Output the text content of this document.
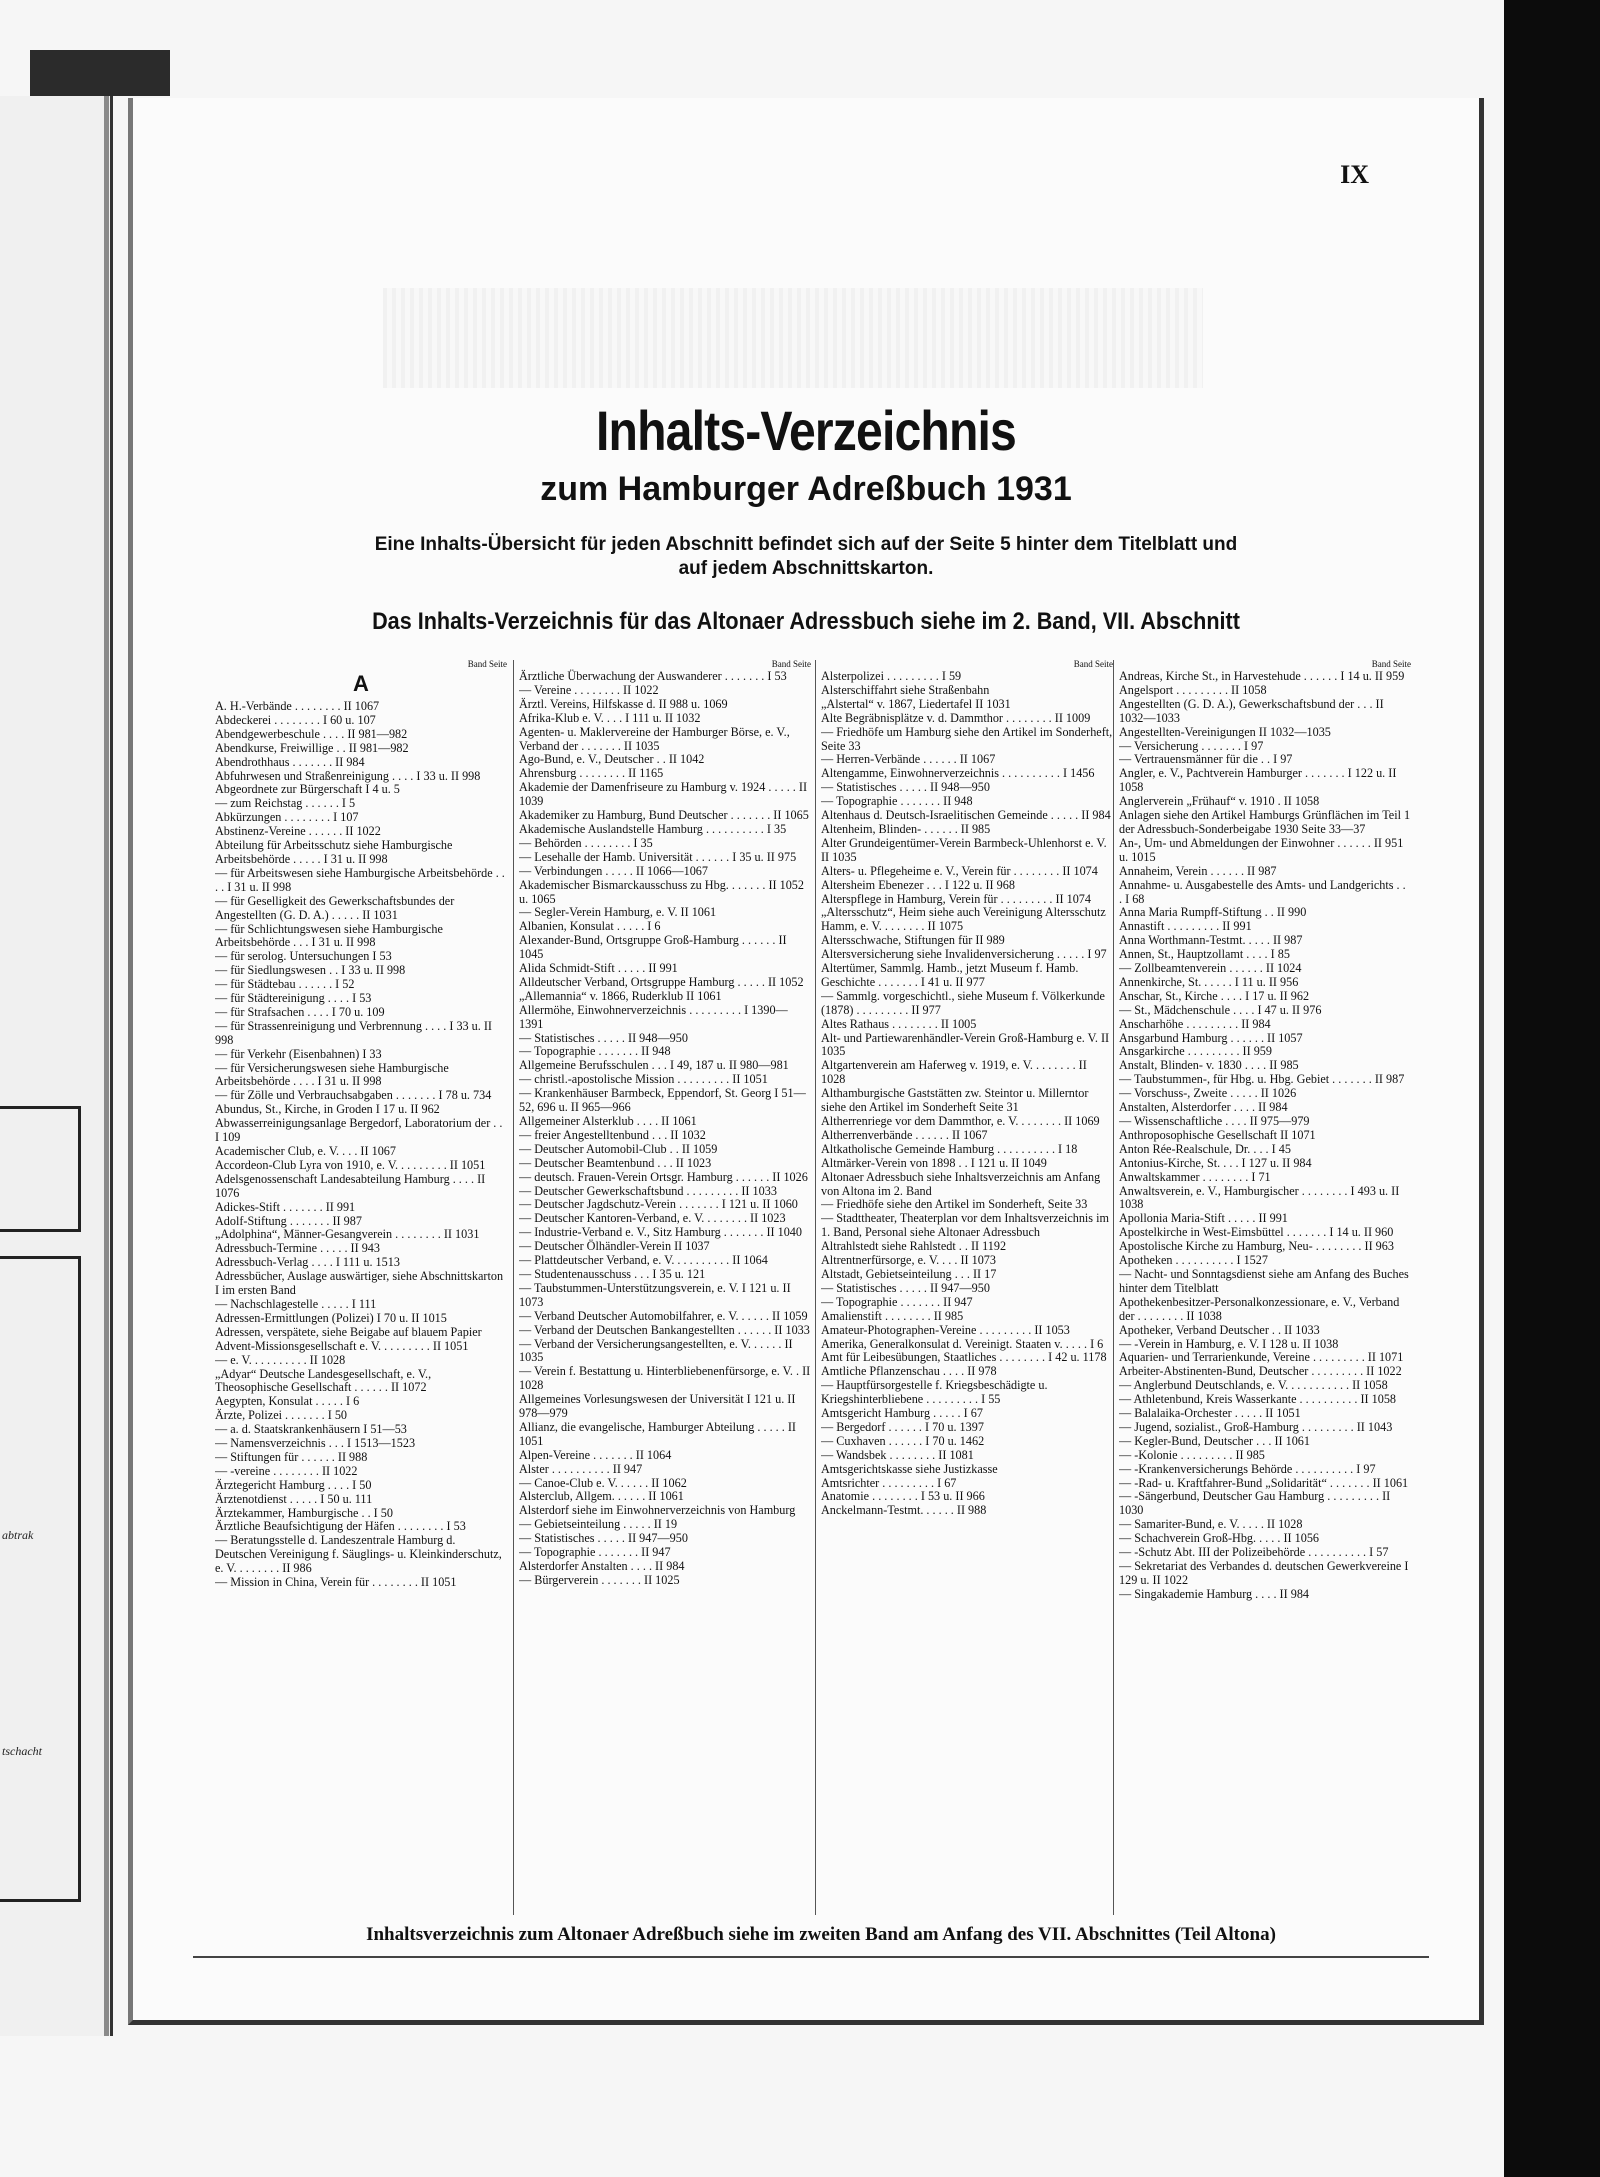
abtrak
tschacht
IX
Inhalts-Verzeichnis
zum Hamburger Adreßbuch 1931
Eine Inhalts-Übersicht für jeden Abschnitt befindet sich auf der Seite 5 hinter dem Titelblatt und
auf jedem Abschnittskarton.
Das Inhalts-Verzeichnis für das Altonaer Adressbuch siehe im 2. Band, VII. Abschnitt
Band Seite
A
A. H.-Verbände . . . . . . . . II 1067
Abdeckerei . . . . . . . . I 60 u. 107
Abendgewerbeschule . . . . II 981—982
Abendkurse, Freiwillige . . II 981—982
Abendrothhaus . . . . . . . II 984
Abfuhrwesen und Straßenreinigung . . . . I 33 u. II 998
Abgeordnete zur Bürgerschaft I 4 u. 5
— zum Reichstag . . . . . . I 5
Abkürzungen . . . . . . . . I 107
Abstinenz-Vereine . . . . . . II 1022
Abteilung für Arbeitsschutz siehe Hamburgische Arbeitsbehörde . . . . . I 31 u. II 998
— für Arbeitswesen siehe Hamburgische Arbeitsbehörde . . . . I 31 u. II 998
— für Geselligkeit des Gewerkschaftsbundes der Angestellten (G. D. A.) . . . . . II 1031
— für Schlichtungswesen siehe Hamburgische Arbeitsbehörde . . . I 31 u. II 998
— für serolog. Untersuchungen I 53
— für Siedlungswesen . . I 33 u. II 998
— für Städtebau . . . . . . I 52
— für Städtereinigung . . . . I 53
— für Strafsachen . . . . I 70 u. 109
— für Strassenreinigung und Verbrennung . . . . I 33 u. II 998
— für Verkehr (Eisenbahnen) I 33
— für Versicherungswesen siehe Hamburgische Arbeitsbehörde . . . . I 31 u. II 998
— für Zölle und Verbrauchsabgaben . . . . . . . I 78 u. 734
Abundus, St., Kirche, in Groden I 17 u. II 962
Abwasserreinigungsanlage Bergedorf, Laboratorium der . . I 109
Academischer Club, e. V. . . . II 1067
Accordeon-Club Lyra von 1910, e. V. . . . . . . . . II 1051
Adelsgenossenschaft Landesabteilung Hamburg . . . . II 1076
Adickes-Stift . . . . . . . II 991
Adolf-Stiftung . . . . . . . II 987
„Adolphina“, Männer-Gesangverein . . . . . . . . II 1031
Adressbuch-Termine . . . . . II 943
Adressbuch-Verlag . . . . I 111 u. 1513
Adressbücher, Auslage auswärtiger, siehe Abschnittskarton I im ersten Band
— Nachschlagestelle . . . . . I 111
Adressen-Ermittlungen (Polizei) I 70 u. II 1015
Adressen, verspätete, siehe Beigabe auf blauem Papier
Advent-Missionsgesellschaft e. V. . . . . . . . . II 1051
— e. V. . . . . . . . . . II 1028
„Adyar“ Deutsche Landesgesellschaft, e. V., Theosophische Gesellschaft . . . . . . II 1072
Aegypten, Konsulat . . . . . I 6
Ärzte, Polizei . . . . . . . I 50
— a. d. Staatskrankenhäusern I 51—53
— Namensverzeichnis . . . I 1513—1523
— Stiftungen für . . . . . . II 988
— -vereine . . . . . . . . II 1022
Ärztegericht Hamburg . . . . I 50
Ärztenotdienst . . . . . I 50 u. 111
Ärztekammer, Hamburgische . . I 50
Ärztliche Beaufsichtigung der Häfen . . . . . . . . I 53
— Beratungsstelle d. Landeszentrale Hamburg d. Deutschen Vereinigung f. Säuglings- u. Kleinkinderschutz, e. V. . . . . . . . II 986
— Mission in China, Verein für . . . . . . . . II 1051
Band Seite
Ärztliche Überwachung der Auswanderer . . . . . . . I 53
— Vereine . . . . . . . . II 1022
Ärztl. Vereins, Hilfskasse d. II 988 u. 1069
Afrika-Klub e. V. . . . I 111 u. II 1032
Agenten- u. Maklervereine der Hamburger Börse, e. V., Verband der . . . . . . . II 1035
Ago-Bund, e. V., Deutscher . . II 1042
Ahrensburg . . . . . . . . II 1165
Akademie der Damenfriseure zu Hamburg v. 1924 . . . . . II 1039
Akademiker zu Hamburg, Bund Deutscher . . . . . . . II 1065
Akademische Auslandstelle Hamburg . . . . . . . . . . I 35
— Behörden . . . . . . . . I 35
— Lesehalle der Hamb. Universität . . . . . . I 35 u. II 975
— Verbindungen . . . . . II 1066—1067
Akademischer Bismarckausschuss zu Hbg. . . . . . . II 1052 u. 1065
— Segler-Verein Hamburg, e. V. II 1061
Albanien, Konsulat . . . . . I 6
Alexander-Bund, Ortsgruppe Groß-Hamburg . . . . . . II 1045
Alida Schmidt-Stift . . . . . II 991
Alldeutscher Verband, Ortsgruppe Hamburg . . . . . II 1052
„Allemannia“ v. 1866, Ruderklub II 1061
Allermöhe, Einwohnerverzeichnis . . . . . . . . . I 1390—1391
— Statistisches . . . . . II 948—950
— Topographie . . . . . . . II 948
Allgemeine Berufsschulen . . . I 49, 187 u. II 980—981
— christl.-apostolische Mission . . . . . . . . . II 1051
— Krankenhäuser Barmbeck, Eppendorf, St. Georg I 51—52, 696 u. II 965—966
Allgemeiner Alsterklub . . . . II 1061
— freier Angestelltenbund . . . II 1032
— Deutscher Automobil-Club . . II 1059
— Deutscher Beamtenbund . . . II 1023
— deutsch. Frauen-Verein Ortsgr. Hamburg . . . . . . II 1026
— Deutscher Gewerkschaftsbund . . . . . . . . . II 1033
— Deutscher Jagdschutz-Verein . . . . . . . I 121 u. II 1060
— Deutscher Kantoren-Verband, e. V. . . . . . . . II 1023
— Industrie-Verband e. V., Sitz Hamburg . . . . . . . II 1040
— Deutscher Ölhändler-Verein II 1037
— Plattdeutscher Verband, e. V. . . . . . . . . . II 1064
— Studentenausschuss . . . I 35 u. 121
— Taubstummen-Unterstützungsverein, e. V. I 121 u. II 1073
— Verband Deutscher Automobilfahrer, e. V. . . . . . II 1059
— Verband der Deutschen Bankangestellten . . . . . . II 1033
— Verband der Versicherungsangestellten, e. V. . . . . . II 1035
— Verein f. Bestattung u. Hinterbliebenenfürsorge, e. V. . II 1028
Allgemeines Vorlesungswesen der Universität I 121 u. II 978—979
Allianz, die evangelische, Hamburger Abteilung . . . . . II 1051
Alpen-Vereine . . . . . . . II 1064
Alster . . . . . . . . . . II 947
— Canoe-Club e. V. . . . . . II 1062
Alsterclub, Allgem. . . . . . II 1061
Alsterdorf siehe im Einwohnerverzeichnis von Hamburg
— Gebietseinteilung . . . . . II 19
— Statistisches . . . . . II 947—950
— Topographie . . . . . . . II 947
Alsterdorfer Anstalten . . . . II 984
— Bürgerverein . . . . . . . II 1025
Band Seite
Alsterpolizei . . . . . . . . . I 59
Alsterschiffahrt siehe Straßenbahn
„Alstertal“ v. 1867, Liedertafel II 1031
Alte Begräbnisplätze v. d. Dammthor . . . . . . . . II 1009
— Friedhöfe um Hamburg siehe den Artikel im Sonderheft, Seite 33
— Herren-Verbände . . . . . . II 1067
Altengamme, Einwohnerverzeichnis . . . . . . . . . . I 1456
— Statistisches . . . . . II 948—950
— Topographie . . . . . . . II 948
Altenhaus d. Deutsch-Israelitischen Gemeinde . . . . . II 984
Altenheim, Blinden- . . . . . . II 985
Alter Grundeigentümer-Verein Barmbeck-Uhlenhorst e. V. II 1035
Alters- u. Pflegeheime e. V., Verein für . . . . . . . . II 1074
Altersheim Ebenezer . . . I 122 u. II 968
Alterspflege in Hamburg, Verein für . . . . . . . . . II 1074
„Altersschutz“, Heim siehe auch Vereinigung Altersschutz Hamm, e. V. . . . . . . . II 1075
Altersschwache, Stiftungen für II 989
Altersversicherung siehe Invalidenversicherung . . . . . I 97
Altertümer, Sammlg. Hamb., jetzt Museum f. Hamb. Geschichte . . . . . . . I 41 u. II 977
— Sammlg. vorgeschichtl., siehe Museum f. Völkerkunde (1878) . . . . . . . . . II 977
Altes Rathaus . . . . . . . . II 1005
Alt- und Partiewarenhändler-Verein Groß-Hamburg e. V. II 1035
Altgartenverein am Haferweg v. 1919, e. V. . . . . . . . II 1028
Althamburgische Gaststätten zw. Steintor u. Millerntor siehe den Artikel im Sonderheft Seite 31
Altherrenriege vor dem Dammthor, e. V. . . . . . . . II 1069
Altherrenverbände . . . . . . II 1067
Altkatholische Gemeinde Hamburg . . . . . . . . . . I 18
Altmärker-Verein von 1898 . . I 121 u. II 1049
Altonaer Adressbuch siehe Inhaltsverzeichnis am Anfang von Altona im 2. Band
— Friedhöfe siehe den Artikel im Sonderheft, Seite 33
— Stadttheater, Theaterplan vor dem Inhaltsverzeichnis im 1. Band, Personal siehe Altonaer Adressbuch
Altrahlstedt siehe Rahlstedt . . II 1192
Altrentnerfürsorge, e. V. . . . II 1073
Altstadt, Gebietseinteilung . . . II 17
— Statistisches . . . . . II 947—950
— Topographie . . . . . . . II 947
Amalienstift . . . . . . . . II 985
Amateur-Photographen-Vereine . . . . . . . . . II 1053
Amerika, Generalkonsulat d. Vereinigt. Staaten v. . . . . I 6
Amt für Leibesübungen, Staatliches . . . . . . . . I 42 u. 1178
Amtliche Pflanzenschau . . . . II 978
— Hauptfürsorgestelle f. Kriegsbeschädigte u. Kriegshinterbliebene . . . . . . . . . I 55
Amtsgericht Hamburg . . . . . I 67
— Bergedorf . . . . . . I 70 u. 1397
— Cuxhaven . . . . . . I 70 u. 1462
— Wandsbek . . . . . . . . II 1081
Amtsgerichtskasse siehe Justizkasse
Amtsrichter . . . . . . . . . I 67
Anatomie . . . . . . . . I 53 u. II 966
Anckelmann-Testmt. . . . . . II 988
Band Seite
Andreas, Kirche St., in Harvestehude . . . . . . I 14 u. II 959
Angelsport . . . . . . . . . II 1058
Angestellten (G. D. A.), Gewerkschaftsbund der . . . II 1032—1033
Angestellten-Vereinigungen II 1032—1035
— Versicherung . . . . . . . I 97
— Vertrauensmänner für die . . I 97
Angler, e. V., Pachtverein Hamburger . . . . . . . I 122 u. II 1058
Anglerverein „Frühauf“ v. 1910 . II 1058
Anlagen siehe den Artikel Hamburgs Grünflächen im Teil 1 der Adressbuch-Sonderbeigabe 1930 Seite 33—37
An-, Um- und Abmeldungen der Einwohner . . . . . . II 951 u. 1015
Annaheim, Verein . . . . . . II 987
Annahme- u. Ausgabestelle des Amts- und Landgerichts . . . I 68
Anna Maria Rumpff-Stiftung . . II 990
Annastift . . . . . . . . . II 991
Anna Worthmann-Testmt. . . . . II 987
Annen, St., Hauptzollamt . . . . I 85
— Zollbeamtenverein . . . . . . II 1024
Annenkirche, St. . . . . . I 11 u. II 956
Anschar, St., Kirche . . . . I 17 u. II 962
— St., Mädchenschule . . . . I 47 u. II 976
Anscharhöhe . . . . . . . . . II 984
Ansgarbund Hamburg . . . . . . II 1057
Ansgarkirche . . . . . . . . . II 959
Anstalt, Blinden- v. 1830 . . . . II 985
— Taubstummen-, für Hbg. u. Hbg. Gebiet . . . . . . . II 987
— Vorschuss-, Zweite . . . . . II 1026
Anstalten, Alsterdorfer . . . . II 984
— Wissenschaftliche . . . . II 975—979
Anthroposophische Gesellschaft II 1071
Anton Rée-Realschule, Dr. . . . I 45
Antonius-Kirche, St. . . . I 127 u. II 984
Anwaltskammer . . . . . . . . I 71
Anwaltsverein, e. V., Hamburgischer . . . . . . . . I 493 u. II 1038
Apollonia Maria-Stift . . . . . II 991
Apostelkirche in West-Eimsbüttel . . . . . . . I 14 u. II 960
Apostolische Kirche zu Hamburg, Neu- . . . . . . . . II 963
Apotheken . . . . . . . . . . I 1527
— Nacht- und Sonntagsdienst siehe am Anfang des Buches hinter dem Titelblatt
Apothekenbesitzer-Personalkonzessionare, e. V., Verband der . . . . . . . . II 1038
Apotheker, Verband Deutscher . . II 1033
— -Verein in Hamburg, e. V. I 128 u. II 1038
Aquarien- und Terrarienkunde, Vereine . . . . . . . . . II 1071
Arbeiter-Abstinenten-Bund, Deutscher . . . . . . . . . II 1022
— Anglerbund Deutschlands, e. V. . . . . . . . . . . II 1058
— Athletenbund, Kreis Wasserkante . . . . . . . . . . II 1058
— Balalaika-Orchester . . . . . II 1051
— Jugend, sozialist., Groß-Hamburg . . . . . . . . . II 1043
— Kegler-Bund, Deutscher . . . II 1061
— -Kolonie . . . . . . . . . II 985
— -Krankenversicherungs Behörde . . . . . . . . . . I 97
— -Rad- u. Kraftfahrer-Bund „Solidarität“ . . . . . . . II 1061
— -Sängerbund, Deutscher Gau Hamburg . . . . . . . . . II 1030
— Samariter-Bund, e. V. . . . . II 1028
— Schachverein Groß-Hbg. . . . . II 1056
— -Schutz Abt. III der Polizeibehörde . . . . . . . . . . I 57
— Sekretariat des Verbandes d. deutschen Gewerkvereine I 129 u. II 1022
— Singakademie Hamburg . . . . II 984
Inhaltsverzeichnis zum Altonaer Adreßbuch siehe im zweiten Band am Anfang des VII. Abschnittes (Teil Altona)
